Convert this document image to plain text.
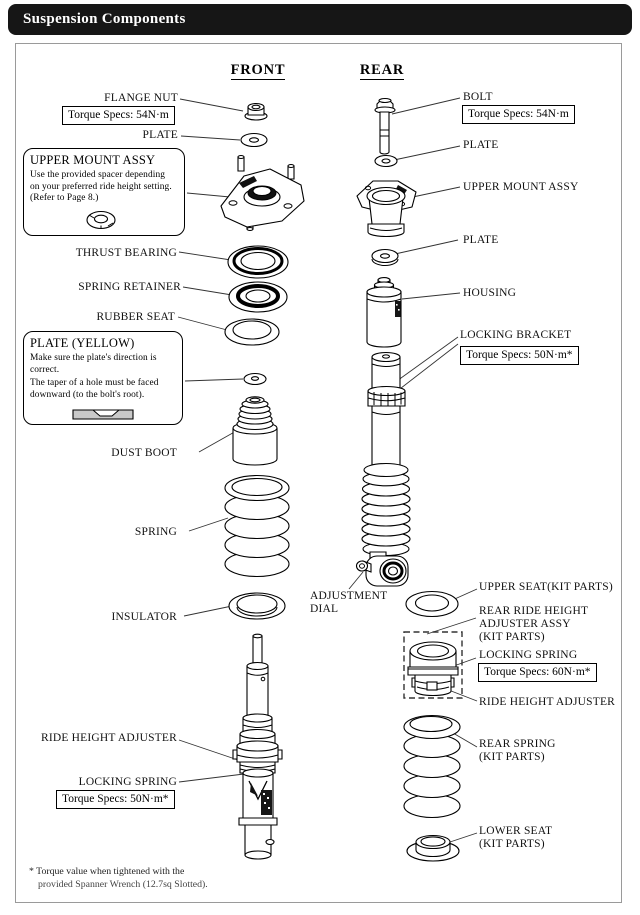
Suspension Components
FRONT	REAR
FLANGE NUT
Torque Specs: 54N·m
PLATE
UPPER MOUNT ASSY
Use the provided spacer depending
on your preferred ride height setting.
(Refer to Page 8.)
THRUST BEARING
SPRING RETAINER
RUBBER SEAT
PLATE (YELLOW)
Make sure the plate's direction is
correct.
The taper of a hole must be faced
downward (to the bolt's root).
DUST BOOT
SPRING
INSULATOR
RIDE HEIGHT ADJUSTER
LOCKING SPRING
Torque Specs: 50N·m*
BOLT
Torque Specs: 54N·m
PLATE
UPPER MOUNT ASSY
PLATE
HOUSING
LOCKING BRACKET
Torque Specs: 50N·m*
ADJUSTMENT
DIAL
UPPER SEAT(KIT PARTS)
REAR RIDE HEIGHT
ADJUSTER ASSY
(KIT PARTS)
LOCKING SPRING
Torque Specs: 60N·m*
RIDE HEIGHT ADJUSTER
REAR SPRING
(KIT PARTS)
LOWER SEAT
(KIT PARTS)
* Torque value when tightened with the
provided Spanner Wrench (12.7sq Slotted).
